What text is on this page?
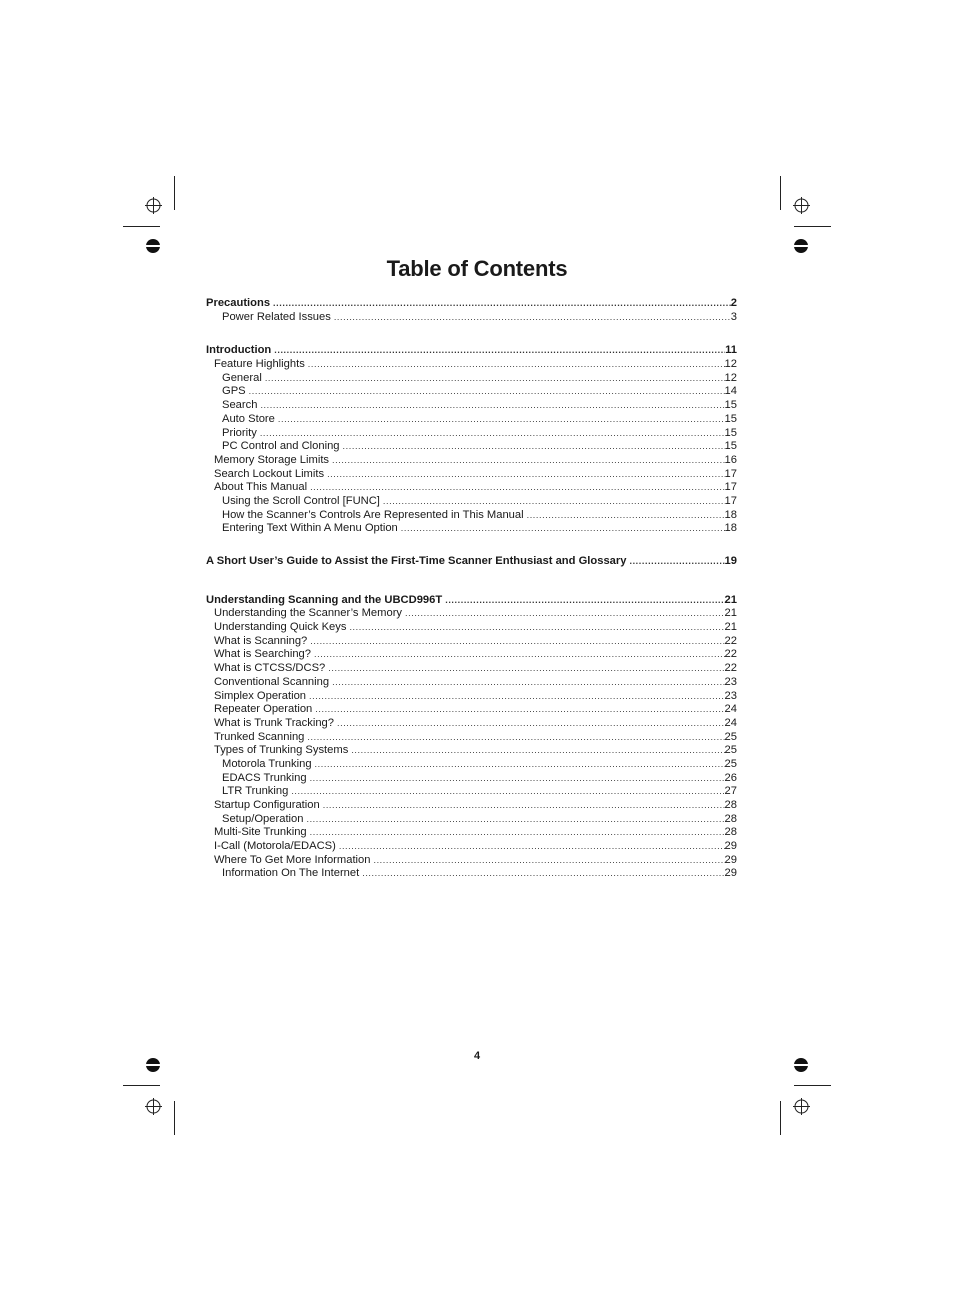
Table of Contents
Precautions .....	2
Power Related Issues .....	3
Introduction .....	11
Feature Highlights .....	12
General .....	12
GPS .....	14
Search .....	15
Auto Store .....	15
Priority .....	15
PC Control and Cloning .....	15
Memory Storage Limits .....	16
Search Lockout Limits .....	17
About This Manual .....	17
Using the Scroll Control [FUNC] .....	17
How the Scanner’s Controls Are Represented in This Manual .....	18
Entering Text Within A Menu Option .....	18
A Short User’s Guide to Assist the First-Time Scanner Enthusiast and Glossary .....	19
Understanding Scanning and the UBCD996T .....	21
Understanding the Scanner’s Memory .....	21
Understanding Quick Keys .....	21
What is Scanning? .....	22
What is Searching? .....	22
What is CTCSS/DCS? .....	22
Conventional Scanning .....	23
Simplex Operation .....	23
Repeater Operation .....	24
What is Trunk Tracking? .....	24
Trunked Scanning .....	25
Types of Trunking Systems .....	25
Motorola Trunking .....	25
EDACS Trunking .....	26
LTR Trunking .....	27
Startup Configuration .....	28
Setup/Operation .....	28
Multi-Site Trunking .....	28
I-Call (Motorola/EDACS) .....	29
Where To Get More Information .....	29
Information On The Internet .....	29
4
